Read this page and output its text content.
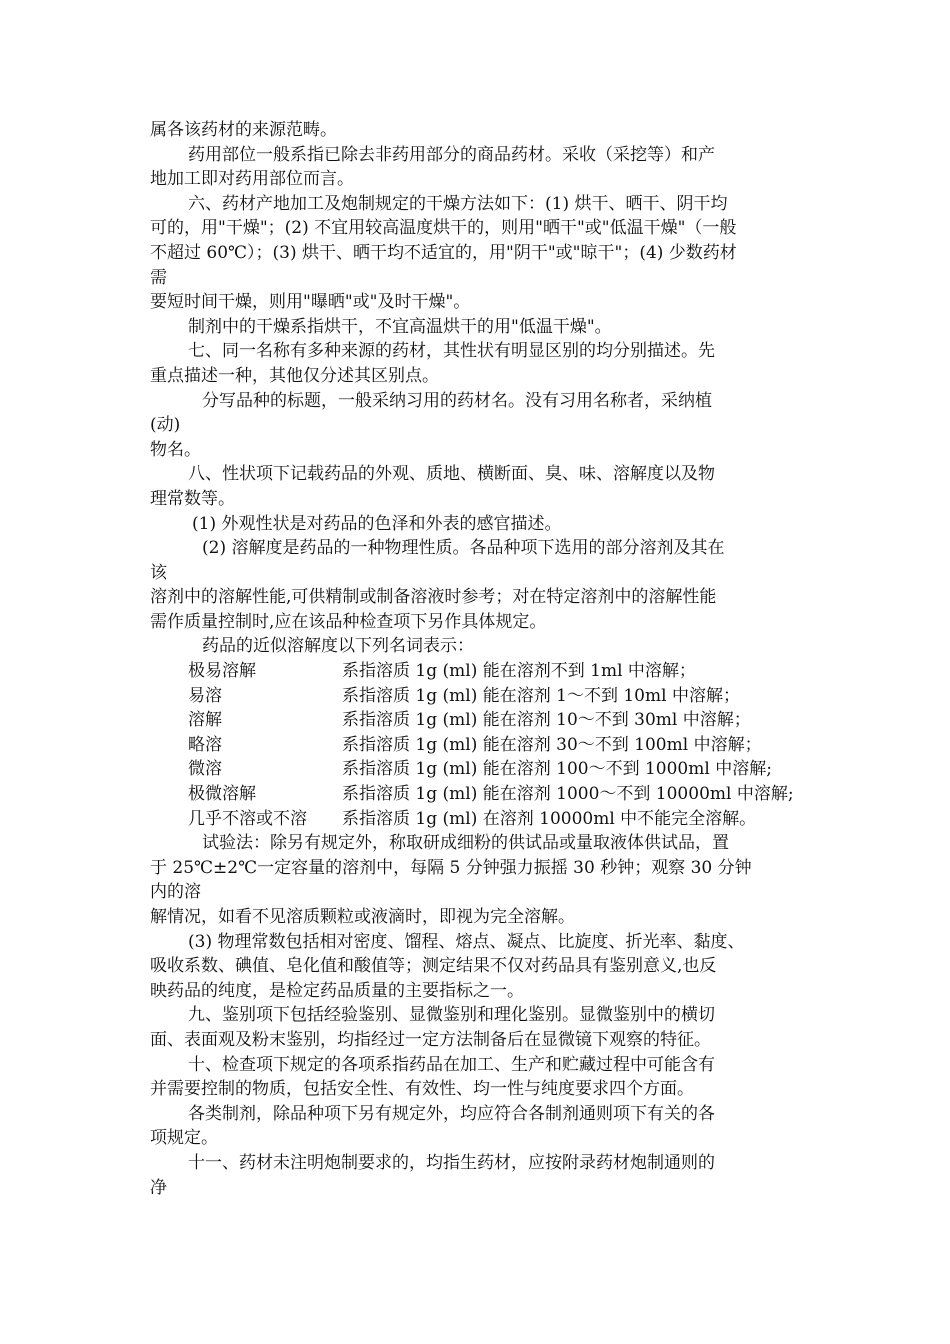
属各该药材的来源范畴。
药用部位一般系指已除去非药用部分的商品药材。采收（采挖等）和产
地加工即对药用部位而言。
六、药材产地加工及炮制规定的干燥方法如下：(1) 烘干、晒干、阴干均
可的，用"干燥"；(2) 不宜用较高温度烘干的，则用"晒干"或"低温干燥"（一般
不超过 60℃）；(3) 烘干、晒干均不适宜的，用"阴干"或"晾干"；(4) 少数药材
需
要短时间干燥，则用"曝晒"或"及时干燥"。
制剂中的干燥系指烘干，不宜高温烘干的用"低温干燥"。
七、同一名称有多种来源的药材，其性状有明显区别的均分别描述。先
重点描述一种，其他仅分述其区别点。
分写品种的标题，一般采纳习用的药材名。没有习用名称者，采纳植
(动)
物名。
八、性状项下记载药品的外观、质地、横断面、臭、味、溶解度以及物
理常数等。
(1) 外观性状是对药品的色泽和外表的感官描述。
(2) 溶解度是药品的一种物理性质。各品种项下选用的部分溶剂及其在
该
溶剂中的溶解性能,可供精制或制备溶液时参考；对在特定溶剂中的溶解性能
需作质量控制时,应在该品种检查项下另作具体规定。
药品的近似溶解度以下列名词表示：
极易溶解	系指溶质 1g (ml) 能在溶剂不到 1ml 中溶解；
易溶	系指溶质 1g (ml) 能在溶剂 1～不到 10ml 中溶解；
溶解	系指溶质 1g (ml) 能在溶剂 10～不到 30ml 中溶解；
略溶	系指溶质 1g (ml) 能在溶剂 30～不到 100ml 中溶解；
微溶	系指溶质 1g (ml) 能在溶剂 100～不到 1000ml 中溶解;
极微溶解	系指溶质 1g (ml) 能在溶剂 1000～不到 10000ml 中溶解;
几乎不溶或不溶	系指溶质 1g (ml) 在溶剂 10000ml 中不能完全溶解。
试验法：除另有规定外，称取研成细粉的供试品或量取液体供试品，置
于 25℃±2℃一定容量的溶剂中，每隔 5 分钟强力振摇 30 秒钟；观察 30 分钟
内的溶
解情况，如看不见溶质颗粒或液滴时，即视为完全溶解。
(3) 物理常数包括相对密度、馏程、熔点、凝点、比旋度、折光率、黏度、
吸收系数、碘值、皂化值和酸值等；测定结果不仅对药品具有鉴别意义,也反
映药品的纯度，是检定药品质量的主要指标之一。
九、鉴别项下包括经验鉴别、显微鉴别和理化鉴别。显微鉴别中的横切
面、表面观及粉末鉴别，均指经过一定方法制备后在显微镜下观察的特征。
十、检查项下规定的各项系指药品在加工、生产和贮藏过程中可能含有
并需要控制的物质，包括安全性、有效性、均一性与纯度要求四个方面。
各类制剂，除品种项下另有规定外，均应符合各制剂通则项下有关的各
项规定。
十一、药材未注明炮制要求的，均指生药材，应按附录药材炮制通则的
净
